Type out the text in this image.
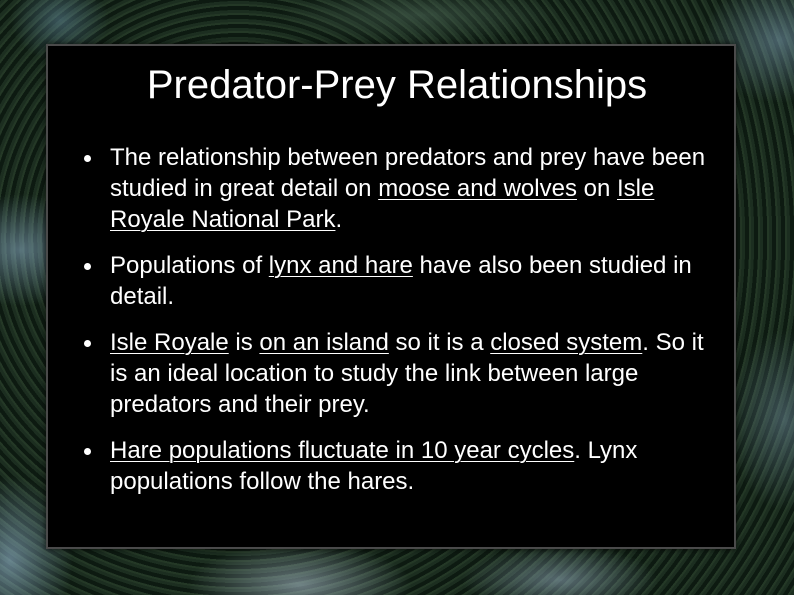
Predator-Prey Relationships
The relationship between predators and prey have been studied in great detail on moose and wolves on Isle Royale National Park.
Populations of lynx and hare have also been studied in detail.
Isle Royale is on an island so it is a closed system. So it is an ideal location to study the link between large predators and their prey.
Hare populations fluctuate in 10 year cycles. Lynx populations follow the hares.
